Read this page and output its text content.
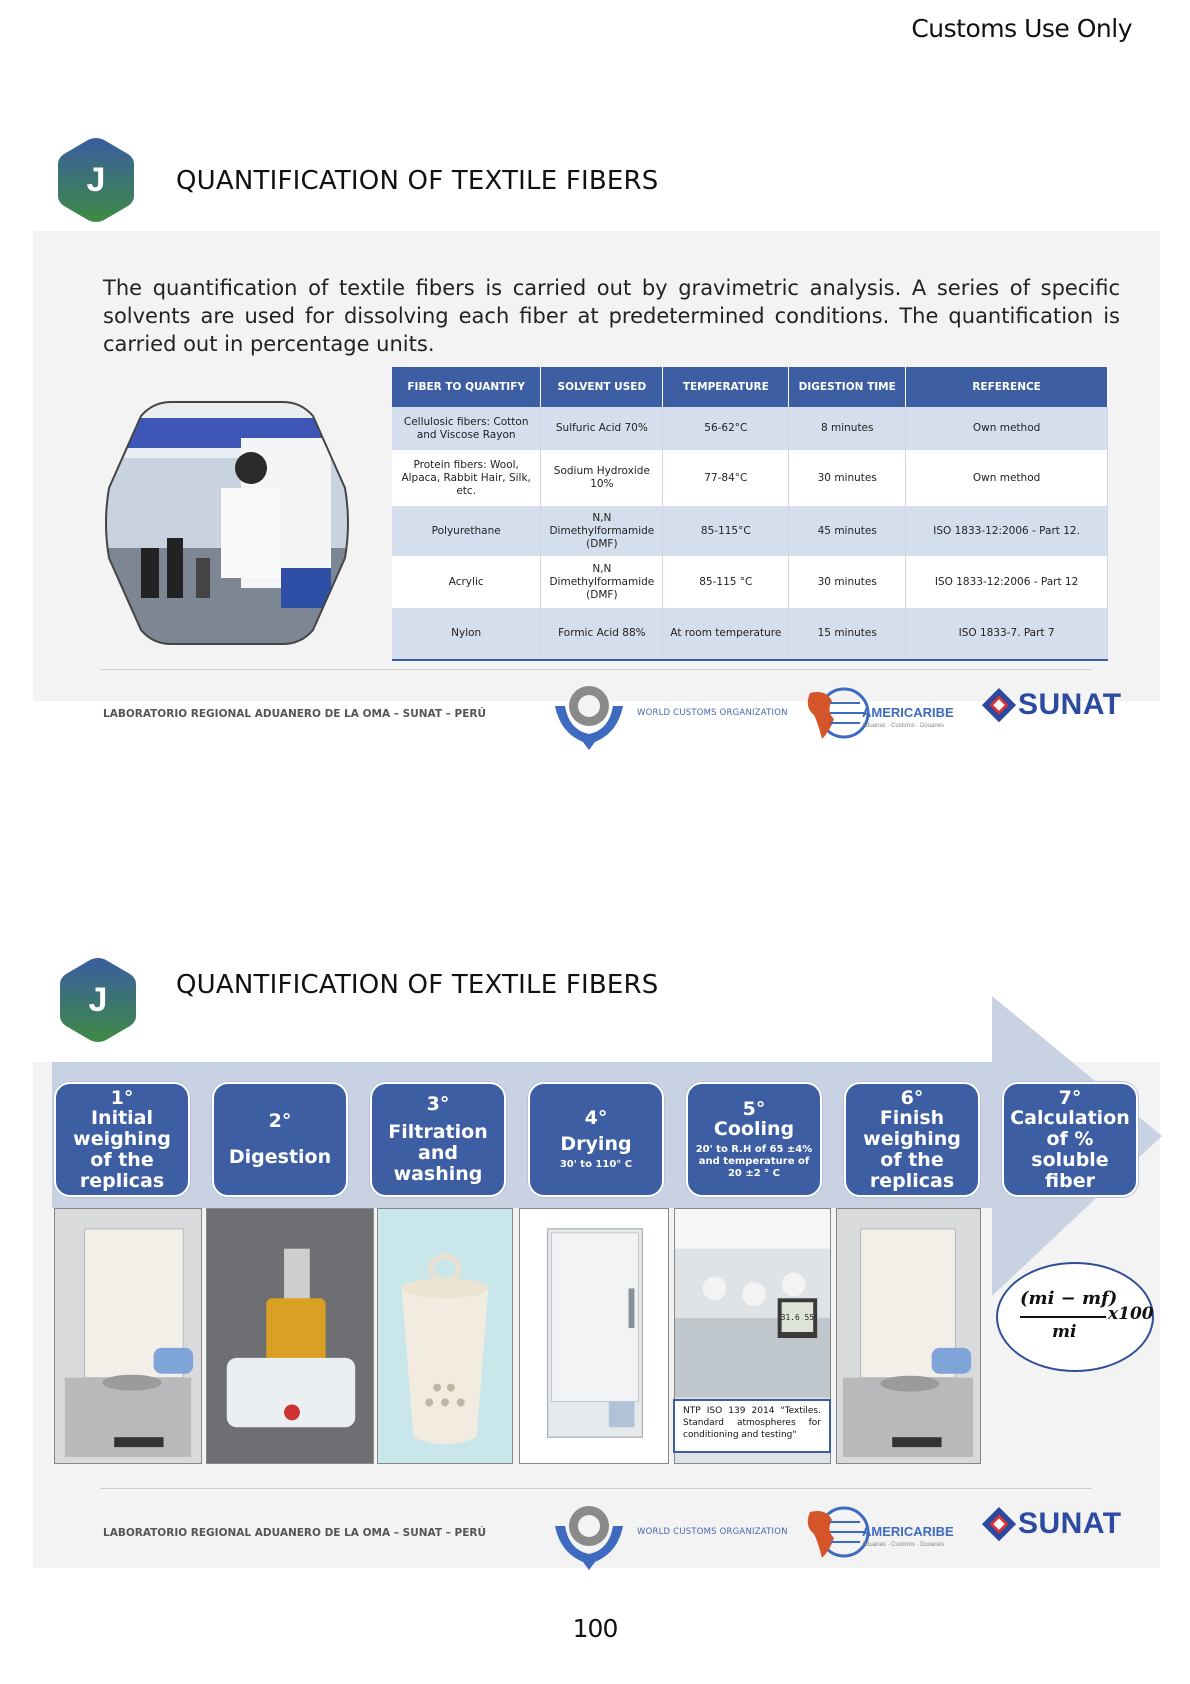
Customs Use Only
J	QUANTIFICATION OF TEXTILE FIBERS

The quantification of textile fibers is carried out by gravimetric analysis. A series of specific solvents are used for dissolving each fiber at predetermined conditions. The quantification is carried out in percentage units.

FIBER TO QUANTIFY	SOLVENT USED	TEMPERATURE	DIGESTION TIME	REFERENCE
Cellulosic fibers: Cotton and Viscose Rayon	Sulfuric Acid 70%	56-62°C	8 minutes	Own method
Protein fibers: Wool, Alpaca, Rabbit Hair, Silk, etc.	Sodium Hydroxide 10%	77-84°C	30 minutes	Own method
Polyurethane	N,N Dimethylformamide (DMF)	85-115°C	45 minutes	ISO 1833-12:2006 - Part 12.
Acrylic	N,N Dimethylformamide (DMF)	85-115 °C	30 minutes	ISO 1833-12:2006 - Part 12
Nylon	Formic Acid 88%	At room temperature	15 minutes	ISO 1833-7. Part 7
LABORATORIO REGIONAL ADUANERO DE LA OMA – SUNAT – PERÚ	WORLD CUSTOMS ORGANIZATION	AMERICARIBE
Aduanas · Customs · Douanes
SUNAT
J	QUANTIFICATION OF TEXTILE FIBERS
1°
Initial weighing of the replicas
2°
Digestion
3°
Filtration and washing
4°
Drying
30' to 110° C
5°
Cooling
20' to R.H of 65 ±4% and temperature of 20 ±2 ° C
6°
Finish weighing of the replicas
7°
Calculation of % soluble fiber
31.6 55
NTP ISO 139 2014 "Textiles. Standard atmospheres for conditioning and testing"
(mi − mf)
mi
x100
LABORATORIO REGIONAL ADUANERO DE LA OMA – SUNAT – PERÚ	WORLD CUSTOMS ORGANIZATION	AMERICARIBE
Aduanas · Customs · Douanes
SUNAT
100
